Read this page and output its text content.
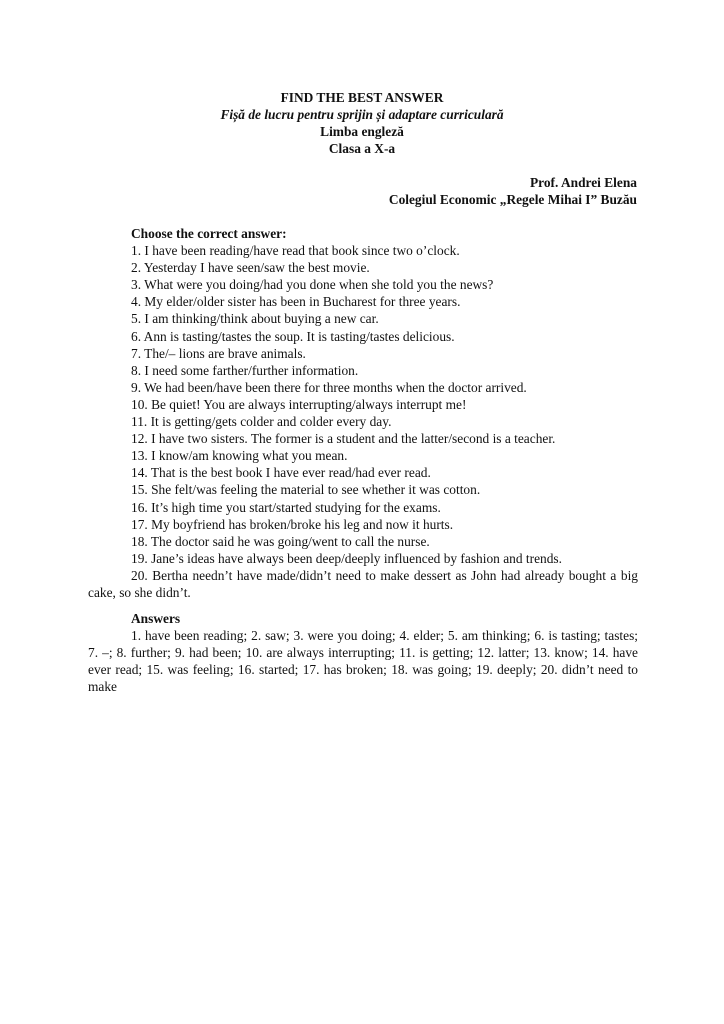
FIND THE BEST ANSWER
Fișă de lucru pentru sprijin și adaptare curriculară
Limba engleză
Clasa a X-a
Prof. Andrei Elena
Colegiul Economic „Regele Mihai I” Buzău

Choose the correct answer:

1. I have been reading/have read that book since two o’clock.

2. Yesterday I have seen/saw the best movie.

3. What were you doing/had you done when she told you the news?

4. My elder/older sister has been in Bucharest for three years.

5. I am thinking/think about buying a new car.

6. Ann is tasting/tastes the soup. It is tasting/tastes delicious.

7. The/– lions are brave animals.

8. I need some farther/further information.

9. We had been/have been there for three months when the doctor arrived.

10. Be quiet! You are always interrupting/always interrupt me!

11. It is getting/gets colder and colder every day.

12. I have two sisters. The former is a student and the latter/second is a teacher.

13. I know/am knowing what you mean.

14. That is the best book I have ever read/had ever read.

15. She felt/was feeling the material to see whether it was cotton.

16. It’s high time you start/started studying for the exams.

17. My boyfriend has broken/broke his leg and now it hurts.

18. The doctor said he was going/went to call the nurse.

19. Jane’s ideas have always been deep/deeply influenced by fashion and trends.

20. Bertha needn’t have made/didn’t need to make dessert as John had already bought a big cake, so she didn’t.

Answers

1. have been reading; 2. saw; 3. were you doing; 4. elder; 5. am thinking; 6. is tasting; tastes; 7. –; 8. further; 9. had been; 10. are always interrupting; 11. is getting; 12. latter; 13. know; 14. have ever read; 15. was feeling; 16. started; 17. has broken; 18. was going; 19. deeply; 20. didn’t need to make
